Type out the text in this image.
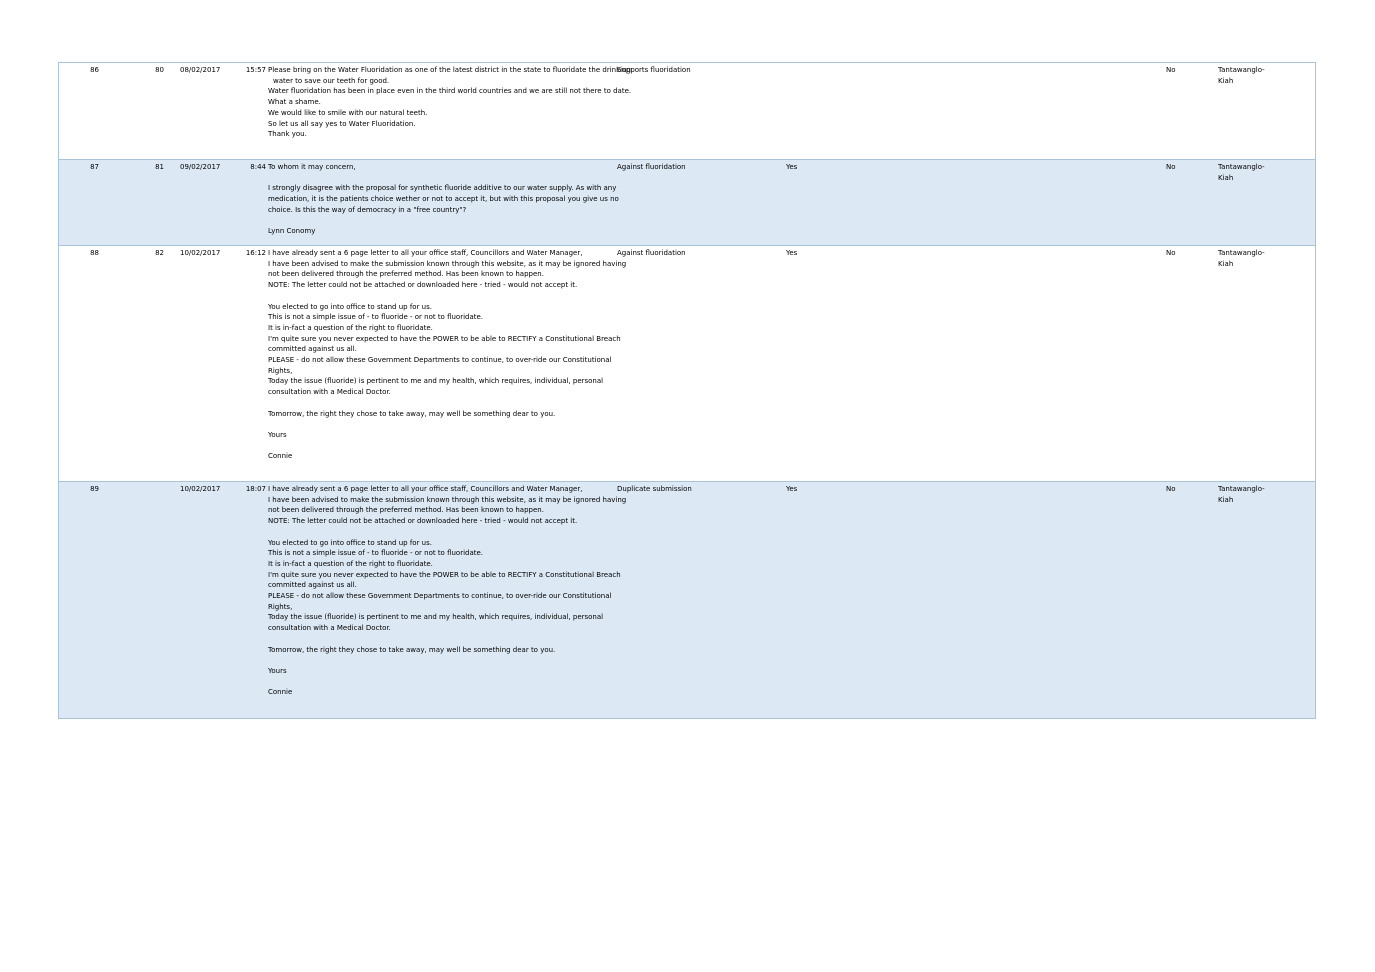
86	80 08/02/2017	15:57 Please bring on the Water Fluoridation as one of the latest district in the state to fluoridate the drinking
water to save our teeth for good.
Water fluoridation has been in place even in the third world countries and we are still not there to date.
What a shame.
We would like to smile with our natural teeth.
So let us all say yes to Water Fluoridation.
Thank you.
Supports fluoridation	No	Tantawanglo-Kiah
87	81 09/02/2017	8:44 To whom it may concern,
I strongly disagree with the proposal for synthetic fluoride additive to our water supply. As with any
medication, it is the patients choice wether or not to accept it, but with this proposal you give us no
choice. Is this the way of democracy in a "free country"?
Lynn Conomy
Against fluoridation	Yes	No	Tantawanglo-Kiah
88	82 10/02/2017	16:12 I have already sent a 6 page letter to all your office staff, Councillors and Water Manager,
I have been advised to make the submission known through this website, as it may be ignored having
not been delivered through the preferred method. Has been known to happen.
NOTE: The letter could not be attached or downloaded here - tried - would not accept it.
You elected to go into office to stand up for us.
This is not a simple issue of - to fluoride - or not to fluoridate.
It is in-fact a question of the right to fluoridate.
I'm quite sure you never expected to have the POWER to be able to RECTIFY a Constitutional Breach
committed against us all.
PLEASE - do not allow these Government Departments to continue, to over-ride our Constitutional
Rights,
Today the issue (fluoride) is pertinent to me and my health, which requires, individual, personal
consultation with a Medical Doctor.
Tomorrow, the right they chose to take away, may well be something dear to you.
Yours
Connie
Against fluoridation	Yes	No	Tantawanglo-Kiah
89	10/02/2017	18:07 I have already sent a 6 page letter to all your office staff, Councillors and Water Manager,
I have been advised to make the submission known through this website, as it may be ignored having
not been delivered through the preferred method. Has been known to happen.
NOTE: The letter could not be attached or downloaded here - tried - would not accept it.
You elected to go into office to stand up for us.
This is not a simple issue of - to fluoride - or not to fluoridate.
It is in-fact a question of the right to fluoridate.
I'm quite sure you never expected to have the POWER to be able to RECTIFY a Constitutional Breach
committed against us all.
PLEASE - do not allow these Government Departments to continue, to over-ride our Constitutional
Rights,
Today the issue (fluoride) is pertinent to me and my health, which requires, individual, personal
consultation with a Medical Doctor.
Tomorrow, the right they chose to take away, may well be something dear to you.
Yours
Connie
Duplicate submission	Yes	No	Tantawanglo-Kiah
